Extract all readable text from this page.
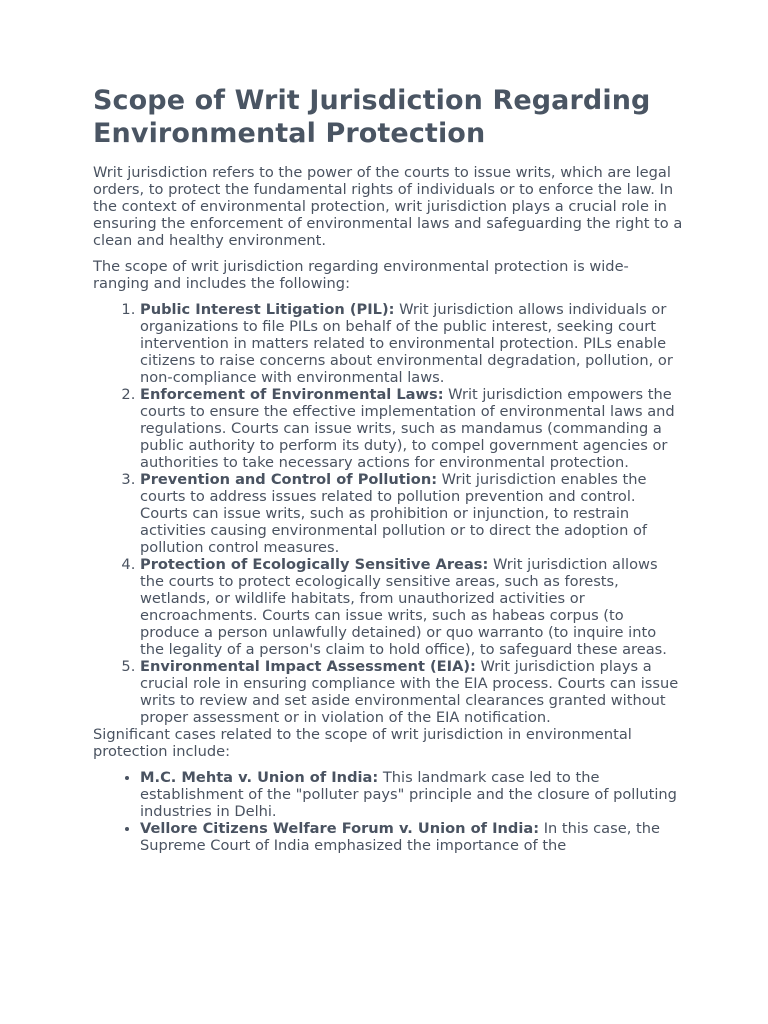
Scope of Writ Jurisdiction Regarding Environmental Protection

Writ jurisdiction refers to the power of the courts to issue writs, which are legal orders, to protect the fundamental rights of individuals or to enforce the law. In the context of environmental protection, writ jurisdiction plays a crucial role in ensuring the enforcement of environmental laws and safeguarding the right to a clean and healthy environment.

The scope of writ jurisdiction regarding environmental protection is wide-ranging and includes the following:

1. Public Interest Litigation (PIL): Writ jurisdiction allows individuals or organizations to file PILs on behalf of the public interest, seeking court intervention in matters related to environmental protection. PILs enable citizens to raise concerns about environmental degradation, pollution, or non-compliance with environmental laws.
2. Enforcement of Environmental Laws: Writ jurisdiction empowers the courts to ensure the effective implementation of environmental laws and regulations. Courts can issue writs, such as mandamus (commanding a public authority to perform its duty), to compel government agencies or authorities to take necessary actions for environmental protection.
3. Prevention and Control of Pollution: Writ jurisdiction enables the courts to address issues related to pollution prevention and control. Courts can issue writs, such as prohibition or injunction, to restrain activities causing environmental pollution or to direct the adoption of pollution control measures.
4. Protection of Ecologically Sensitive Areas: Writ jurisdiction allows the courts to protect ecologically sensitive areas, such as forests, wetlands, or wildlife habitats, from unauthorized activities or encroachments. Courts can issue writs, such as habeas corpus (to produce a person unlawfully detained) or quo warranto (to inquire into the legality of a person's claim to hold office), to safeguard these areas.
5. Environmental Impact Assessment (EIA): Writ jurisdiction plays a crucial role in ensuring compliance with the EIA process. Courts can issue writs to review and set aside environmental clearances granted without proper assessment or in violation of the EIA notification.

Significant cases related to the scope of writ jurisdiction in environmental protection include:

• M.C. Mehta v. Union of India: This landmark case led to the establishment of the "polluter pays" principle and the closure of polluting industries in Delhi.
• Vellore Citizens Welfare Forum v. Union of India: In this case, the Supreme Court of India emphasized the importance of the
